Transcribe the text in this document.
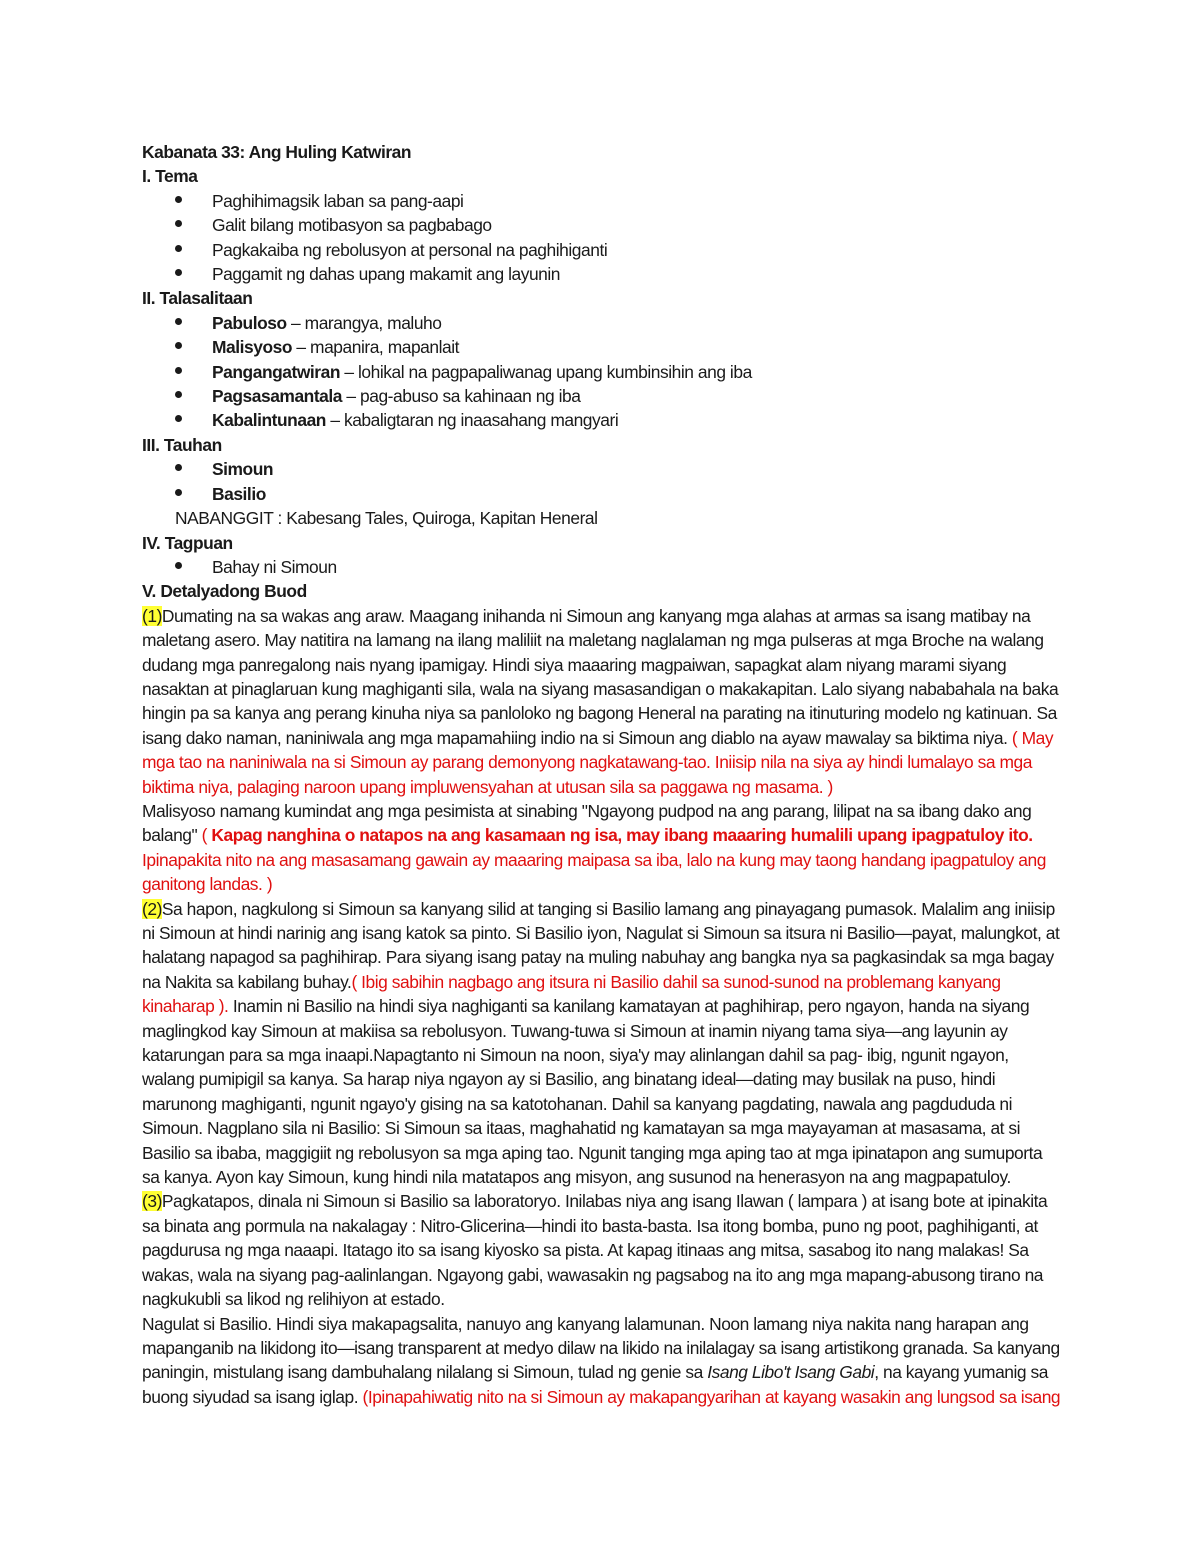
Kabanata 33: Ang Huling Katwiran
I. Tema
Paghihimagsik laban sa pang-aapi
Galit bilang motibasyon sa pagbabago
Pagkakaiba ng rebolusyon at personal na paghihiganti
Paggamit ng dahas upang makamit ang layunin
II. Talasalitaan
Pabuloso – marangya, maluho
Malisyoso – mapanira, mapanlait
Pangangatwiran – lohikal na pagpapaliwanag upang kumbinsihin ang iba
Pagsasamantala – pag-abuso sa kahinaan ng iba
Kabalintunaan – kabaligtaran ng inaasahang mangyari
III. Tauhan
Simoun
Basilio
NABANGGIT : Kabesang Tales, Quiroga, Kapitan Heneral
IV. Tagpuan
Bahay ni Simoun
V. Detalyadong Buod

(1)Dumating na sa wakas ang araw. Maagang inihanda ni Simoun ang kanyang mga alahas at armas sa isang matibay na maletang asero. May natitira na lamang na ilang maliliit na maletang naglalaman ng mga pulseras at mga Broche na walang dudang mga panregalong nais nyang ipamigay. Hindi siya maaaring magpaiwan, sapagkat alam niyang marami siyang nasaktan at pinaglaruan kung maghiganti sila, wala na siyang masasandigan o makakapitan. Lalo siyang nababahala na baka hingin pa sa kanya ang perang kinuha niya sa panloloko ng bagong Heneral na parating na itinuturing modelo ng katinuan. Sa isang dako naman, naniniwala ang mga mapamahiing indio na si Simoun ang diablo na ayaw mawalay sa biktima niya. ( May mga tao na naniniwala na si Simoun ay parang demonyong nagkatawang-tao. Iniisip nila na siya ay hindi lumalayo sa mga biktima niya, palaging naroon upang impluwensyahan at utusan sila sa paggawa ng masama. )

Malisyoso namang kumindat ang mga pesimista at sinabing "Ngayong pudpod na ang parang, lilipat na sa ibang dako ang balang" ( Kapag nanghina o natapos na ang kasamaan ng isa, may ibang maaaring humalili upang ipagpatuloy ito. Ipinapakita nito na ang masasamang gawain ay maaaring maipasa sa iba, lalo na kung may taong handang ipagpatuloy ang ganitong landas. )

(2)Sa hapon, nagkulong si Simoun sa kanyang silid at tanging si Basilio lamang ang pinayagang pumasok. Malalim ang iniisip ni Simoun at hindi narinig ang isang katok sa pinto. Si Basilio iyon, Nagulat si Simoun sa itsura ni Basilio—payat, malungkot, at halatang napagod sa paghihirap. Para siyang isang patay na muling nabuhay ang bangka nya sa pagkasindak sa mga bagay na Nakita sa kabilang buhay.( Ibig sabihin nagbago ang itsura ni Basilio dahil sa sunod-sunod na problemang kanyang kinaharap ). Inamin ni Basilio na hindi siya naghiganti sa kanilang kamatayan at paghihirap, pero ngayon, handa na siyang maglingkod kay Simoun at makiisa sa rebolusyon. Tuwang-tuwa si Simoun at inamin niyang tama siya—ang layunin ay katarungan para sa mga inaapi.Napagtanto ni Simoun na noon, siya'y may alinlangan dahil sa pag- ibig, ngunit ngayon, walang pumipigil sa kanya. Sa harap niya ngayon ay si Basilio, ang binatang ideal—dating may busilak na puso, hindi marunong maghiganti, ngunit ngayo'y gising na sa katotohanan. Dahil sa kanyang pagdating, nawala ang pagdududa ni Simoun. Nagplano sila ni Basilio: Si Simoun sa itaas, maghahatid ng kamatayan sa mga mayayaman at masasama, at si Basilio sa ibaba, maggigiit ng rebolusyon sa mga aping tao. Ngunit tanging mga aping tao at mga ipinatapon ang sumuporta sa kanya. Ayon kay Simoun, kung hindi nila matatapos ang misyon, ang susunod na henerasyon na ang magpapatuloy.

(3)Pagkatapos, dinala ni Simoun si Basilio sa laboratoryo. Inilabas niya ang isang Ilawan ( lampara ) at isang bote at ipinakita sa binata ang pormula na nakalagay : Nitro-Glicerina—hindi ito basta-basta. Isa itong bomba, puno ng poot, paghihiganti, at pagdurusa ng mga naaapi. Itatago ito sa isang kiyosko sa pista. At kapag itinaas ang mitsa, sasabog ito nang malakas! Sa wakas, wala na siyang pag-aalinlangan. Ngayong gabi, wawasakin ng pagsabog na ito ang mga mapang-abusong tirano na nagkukubli sa likod ng relihiyon at estado.

Nagulat si Basilio. Hindi siya makapagsalita, nanuyo ang kanyang lalamunan. Noon lamang niya nakita nang harapan ang mapanganib na likidong ito—isang transparent at medyo dilaw na likido na inilalagay sa isang artistikong granada. Sa kanyang paningin, mistulang isang dambuhalang nilalang si Simoun, tulad ng genie sa Isang Libo't Isang Gabi, na kayang yumanig sa buong siyudad sa isang iglap. (Ipinapahiwatig nito na si Simoun ay makapangyarihan at kayang wasakin ang lungsod sa isang
